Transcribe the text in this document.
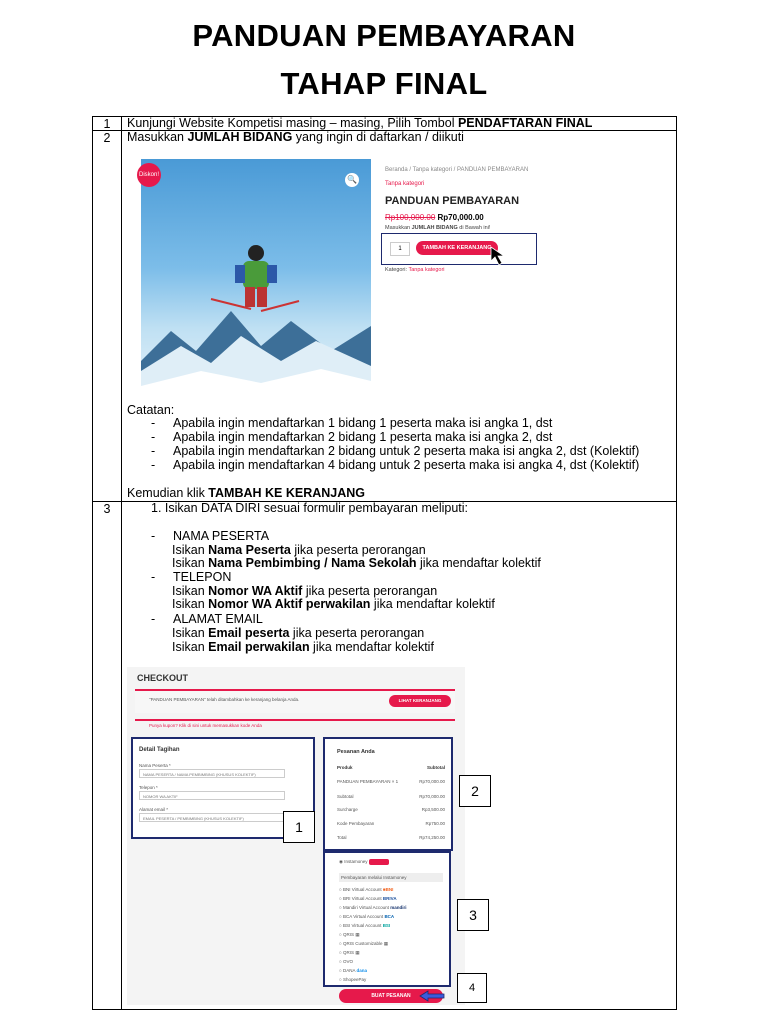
PANDUAN PEMBAYARAN
TAHAP FINAL
1	Kunjungi Website Kompetisi masing – masing, Pilih Tombol PENDAFTARAN FINAL
2	Masukkan JUMLAH BIDANG yang ingin di daftarkan / diikuti
Diskon!	🔍
Beranda / Tanpa kategori / PANDUAN PEMBAYARAN
Tanpa kategori
PANDUAN PEMBAYARAN
Rp100,000.00 Rp70,000.00
Masukkan JUMLAH BIDANG di Bawah ini!
1	TAMBAH KE KERANJANG
Kategori: Tanpa kategori
Catatan:
- Apabila ingin mendaftarkan 1 bidang 1 peserta maka isi angka 1, dst
- Apabila ingin mendaftarkan 2 bidang 1 peserta maka isi angka 2, dst
- Apabila ingin mendaftarkan 2 bidang untuk 2 peserta maka isi angka 2, dst (Kolektif)
- Apabila ingin mendaftarkan 4 bidang untuk 2 peserta maka isi angka 4, dst (Kolektif)
Kemudian klik TAMBAH KE KERANJANG
3	1. Isikan DATA DIRI sesuai formulir pembayaran meliputi:
- NAMA PESERTA
Isikan Nama Peserta jika peserta perorangan
Isikan Nama Pembimbing / Nama Sekolah jika mendaftar kolektif
- TELEPON
Isikan Nomor WA Aktif jika peserta perorangan
Isikan Nomor WA Aktif perwakilan jika mendaftar kolektif
- ALAMAT EMAIL
Isikan Email peserta jika peserta perorangan
Isikan Email perwakilan jika mendaftar kolektif
CHECKOUT
"PANDUAN PEMBAYARAN" telah ditambahkan ke keranjang belanja Anda.	LIHAT KERANJANG
Punya kupon? Klik di sini untuk memasukkan kode Anda
Detail Tagihan
Nama Peserta *
NAMA PESERTA / NAMA PEMBIMBING (KHUSUS KOLEKTIF)
Telepon *
NOMOR WA AKTIF
Alamat email *
EMAIL PESERTA / PEMBIMBING (KHUSUS KOLEKTIF)
Pesanan Anda
Produk	Subtotal
PANDUAN PEMBAYARAN × 1	Rp70,000.00
Subtotal	Rp70,000.00
Surcharge	Rp3,500.00
Kode Pembayaran	Rp750.00
Total	Rp74,250.00
◉ Instamoney
Pembayaran melalui Instamoney
○ BNI Virtual Account ■BNI
○ BRI Virtual Account BRIVA
○ Mandiri Virtual Account mandiri
○ BCA Virtual Account BCA
○ BSI Virtual Account BSI
○ QRIS ▦
○ QRIS Customizable ▦
○ QRIS ▦
○ OVO
○ DANA dana
○ ShopeePay
BUAT PESANAN
1
2
3
4
